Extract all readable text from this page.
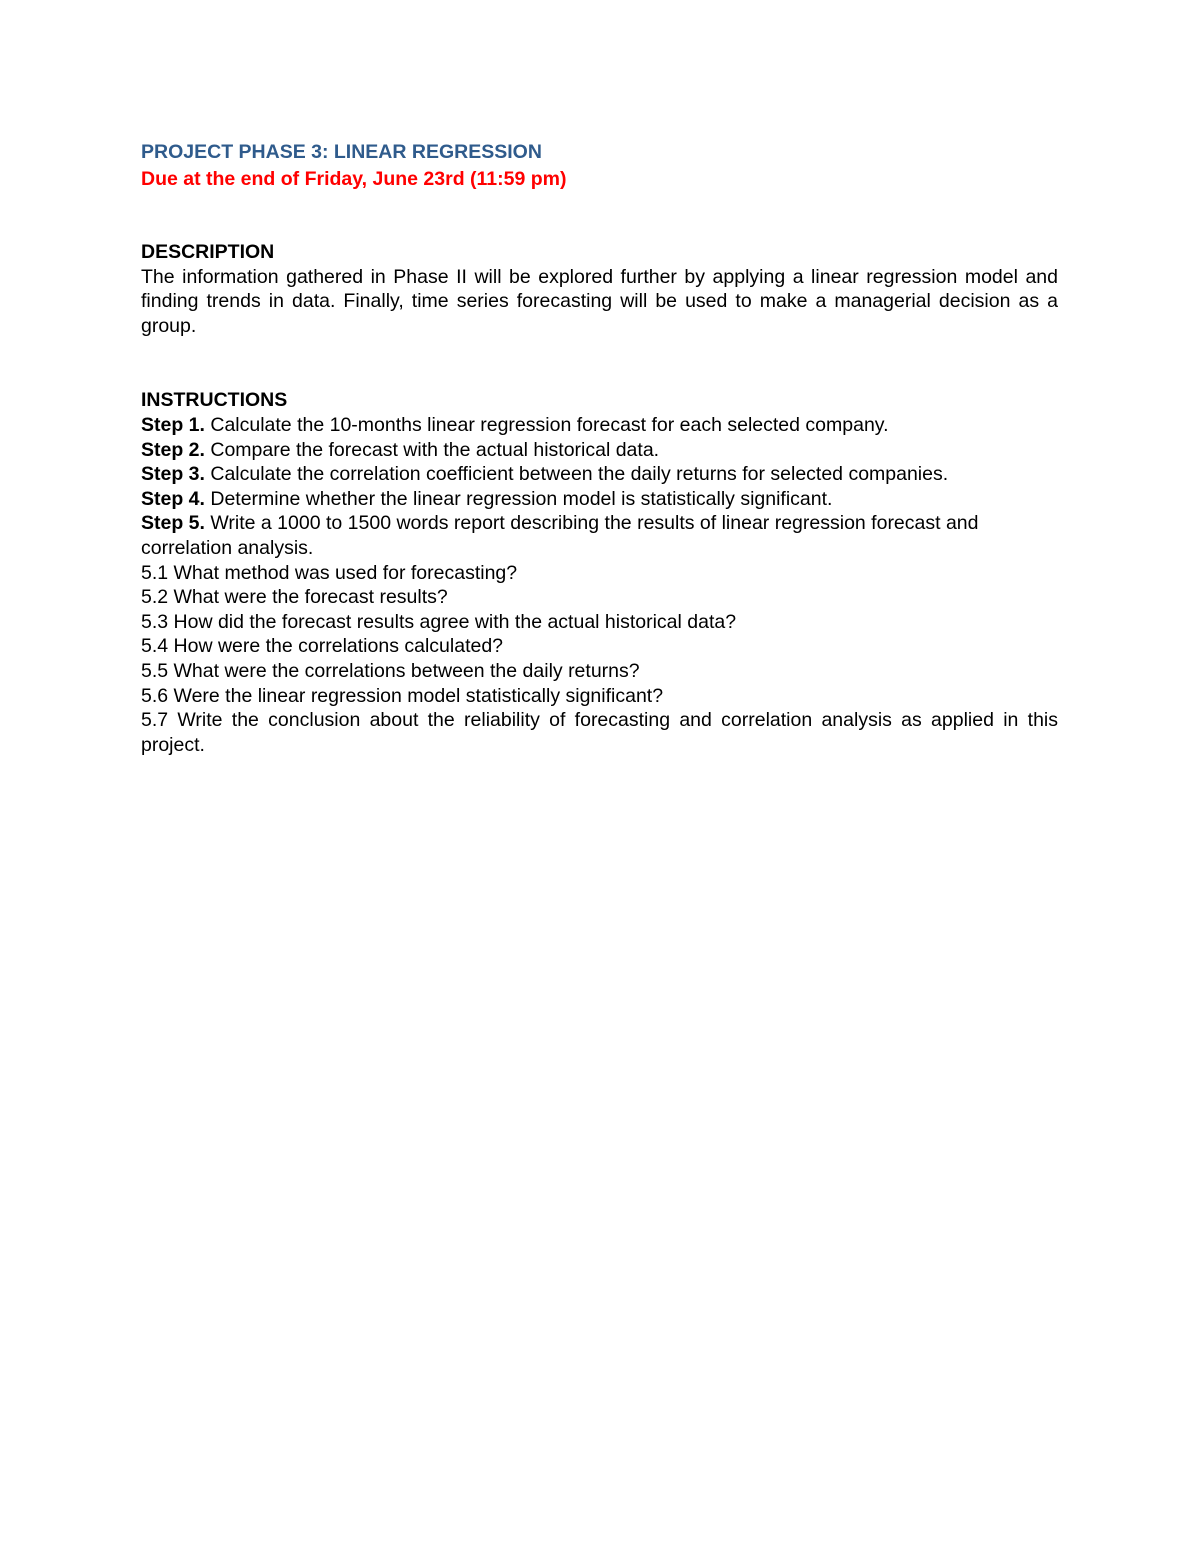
PROJECT PHASE 3: LINEAR REGRESSION

Due at the end of Friday, June 23rd (11:59 pm)

DESCRIPTION

The information gathered in Phase II will be explored further by applying a linear regression model and finding trends in data. Finally, time series forecasting will be used to make a managerial decision as a group.

INSTRUCTIONS

Step 1. Calculate the 10-months linear regression forecast for each selected company.

Step 2. Compare the forecast with the actual historical data.

Step 3. Calculate the correlation coefficient between the daily returns for selected companies.

Step 4. Determine whether the linear regression model is statistically significant.

Step 5. Write a 1000 to 1500 words report describing the results of linear regression forecast and correlation analysis.

5.1 What method was used for forecasting?

5.2 What were the forecast results?

5.3 How did the forecast results agree with the actual historical data?

5.4 How were the correlations calculated?

5.5 What were the correlations between the daily returns?

5.6 Were the linear regression model statistically significant?

5.7 Write the conclusion about the reliability of forecasting and correlation analysis as applied in this project.
